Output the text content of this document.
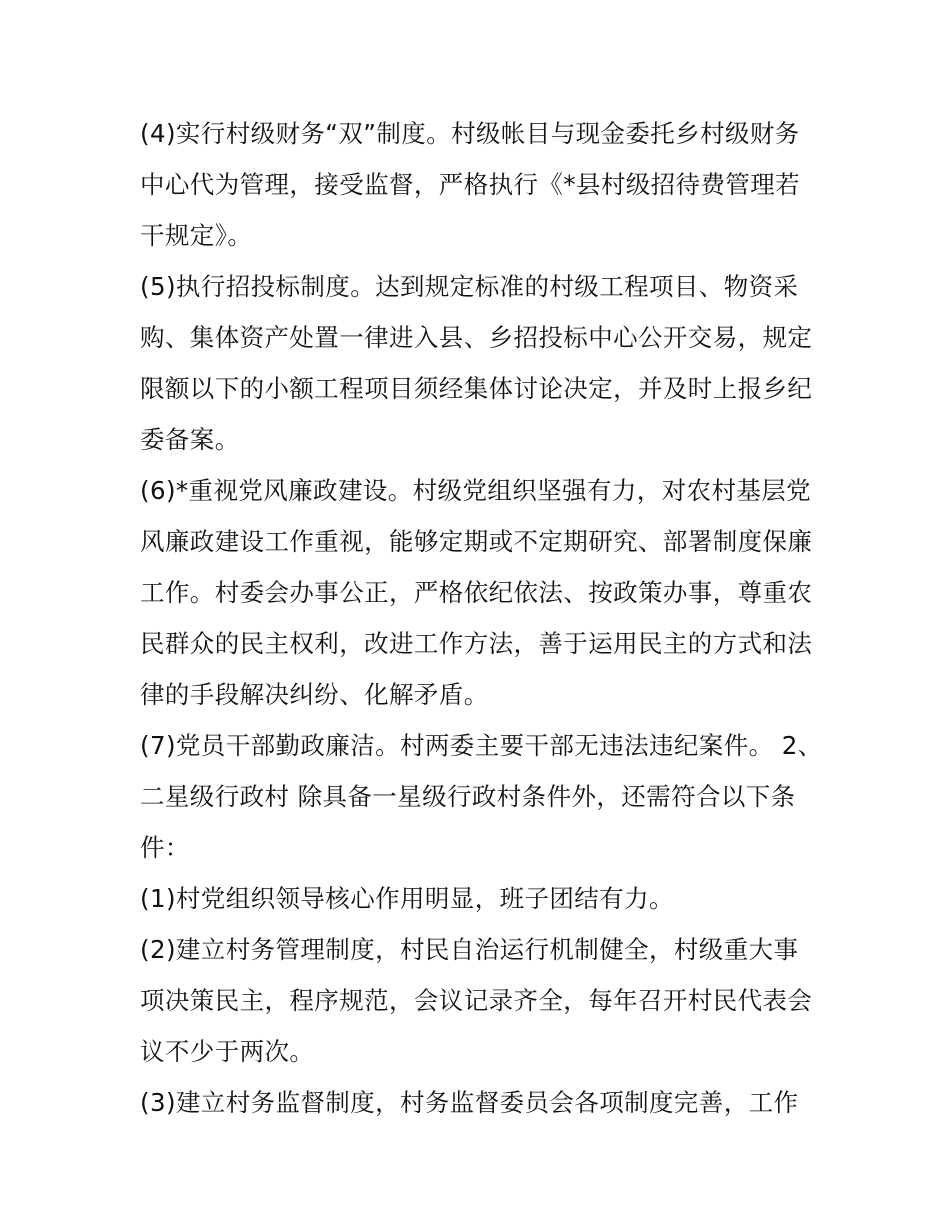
(4)实行村级财务“双”制度。村级帐目与现金委托乡村级财务
中心代为管理，接受监督，严格执行《*县村级招待费管理若
干规定》。
(5)执行招投标制度。达到规定标准的村级工程项目、物资采
购、集体资产处置一律进入县、乡招投标中心公开交易，规定
限额以下的小额工程项目须经集体讨论决定，并及时上报乡纪
委备案。
(6)*重视党风廉政建设。村级党组织坚强有力，对农村基层党
风廉政建设工作重视，能够定期或不定期研究、部署制度保廉
工作。村委会办事公正，严格依纪依法、按政策办事，尊重农
民群众的民主权利，改进工作方法，善于运用民主的方式和法
律的手段解决纠纷、化解矛盾。
(7)党员干部勤政廉洁。村两委主要干部无违法违纪案件。 2、
二星级行政村 除具备一星级行政村条件外，还需符合以下条
件：
(1)村党组织领导核心作用明显，班子团结有力。
(2)建立村务管理制度，村民自治运行机制健全，村级重大事
项决策民主，程序规范，会议记录齐全，每年召开村民代表会
议不少于两次。
(3)建立村务监督制度，村务监督委员会各项制度完善，工作
